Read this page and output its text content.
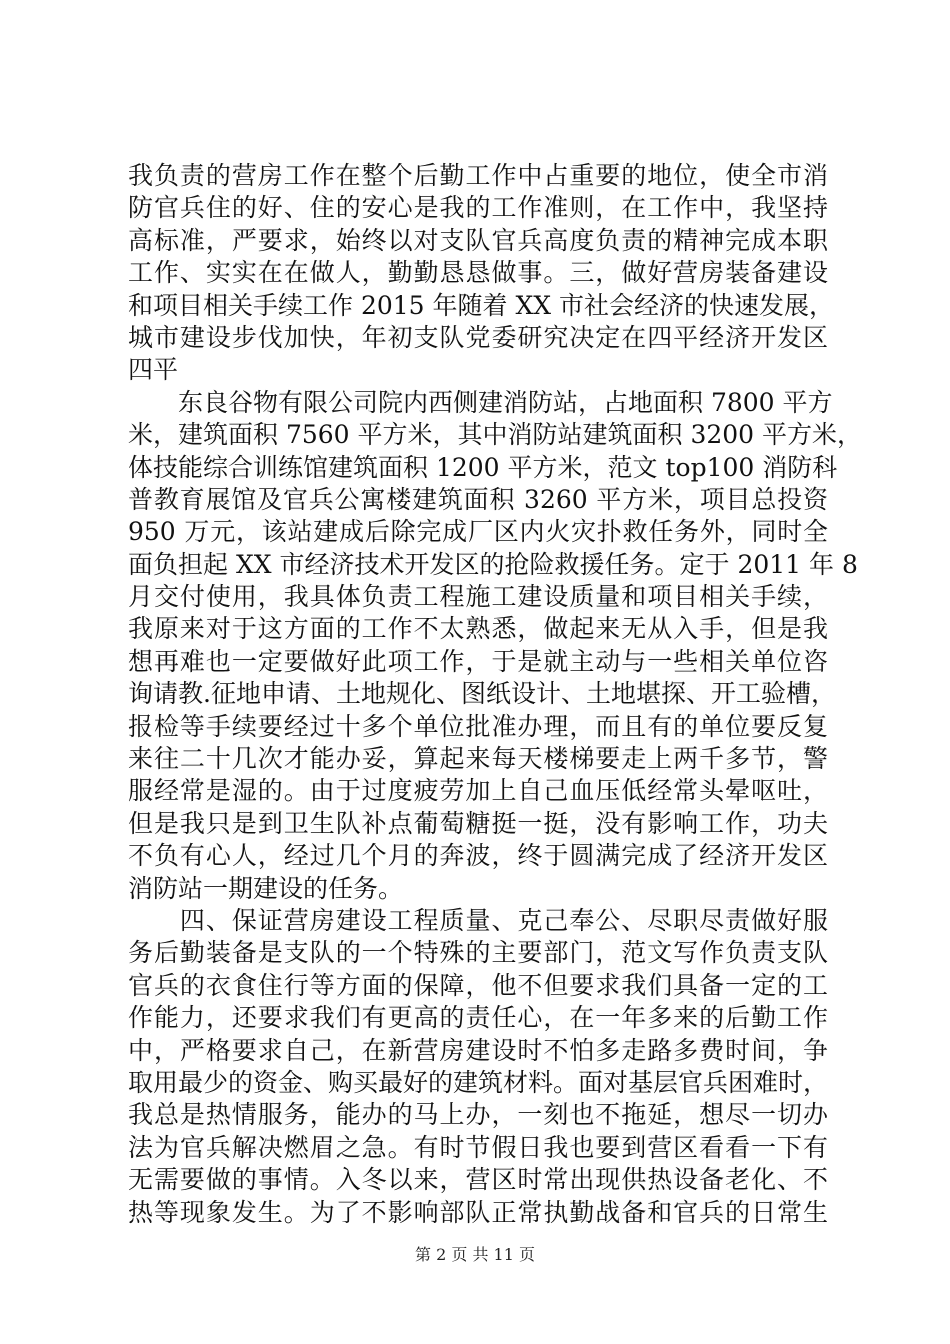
我负责的营房工作在整个后勤工作中占重要的地位，使全市消
防官兵住的好、住的安心是我的工作准则，在工作中，我坚持
高标准，严要求，始终以对支队官兵高度负责的精神完成本职
工作、实实在在做人，勤勤恳恳做事。三，做好营房装备建设
和项目相关手续工作 2015 年随着 XX 市社会经济的快速发展，
城市建设步伐加快，年初支队党委研究决定在四平经济开发区
四平
　　东良谷物有限公司院内西侧建消防站，占地面积 7800 平方
米，建筑面积 7560 平方米，其中消防站建筑面积 3200 平方米，
体技能综合训练馆建筑面积 1200 平方米，范文 top100 消防科
普教育展馆及官兵公寓楼建筑面积 3260 平方米，项目总投资
950 万元，该站建成后除完成厂区内火灾扑救任务外，同时全
面负担起 XX 市经济技术开发区的抢险救援任务。定于 2011 年 8
月交付使用，我具体负责工程施工建设质量和项目相关手续，
我原来对于这方面的工作不太熟悉，做起来无从入手，但是我
想再难也一定要做好此项工作，于是就主动与一些相关单位咨
询请教.征地申请、土地规化、图纸设计、土地堪探、开工验槽，
报检等手续要经过十多个单位批准办理，而且有的单位要反复
来往二十几次才能办妥，算起来每天楼梯要走上两千多节，警
服经常是湿的。由于过度疲劳加上自己血压低经常头晕呕吐，
但是我只是到卫生队补点葡萄糖挺一挺，没有影响工作，功夫
不负有心人，经过几个月的奔波，终于圆满完成了经济开发区
消防站一期建设的任务。
　　四、保证营房建设工程质量、克己奉公、尽职尽责做好服
务后勤装备是支队的一个特殊的主要部门，范文写作负责支队
官兵的衣食住行等方面的保障，他不但要求我们具备一定的工
作能力，还要求我们有更高的责任心，在一年多来的后勤工作
中，严格要求自己，在新营房建设时不怕多走路多费时间，争
取用最少的资金、购买最好的建筑材料。面对基层官兵困难时，
我总是热情服务，能办的马上办，一刻也不拖延，想尽一切办
法为官兵解决燃眉之急。有时节假日我也要到营区看看一下有
无需要做的事情。入冬以来，营区时常出现供热设备老化、不
热等现象发生。为了不影响部队正常执勤战备和官兵的日常生
第 2 页 共 11 页
